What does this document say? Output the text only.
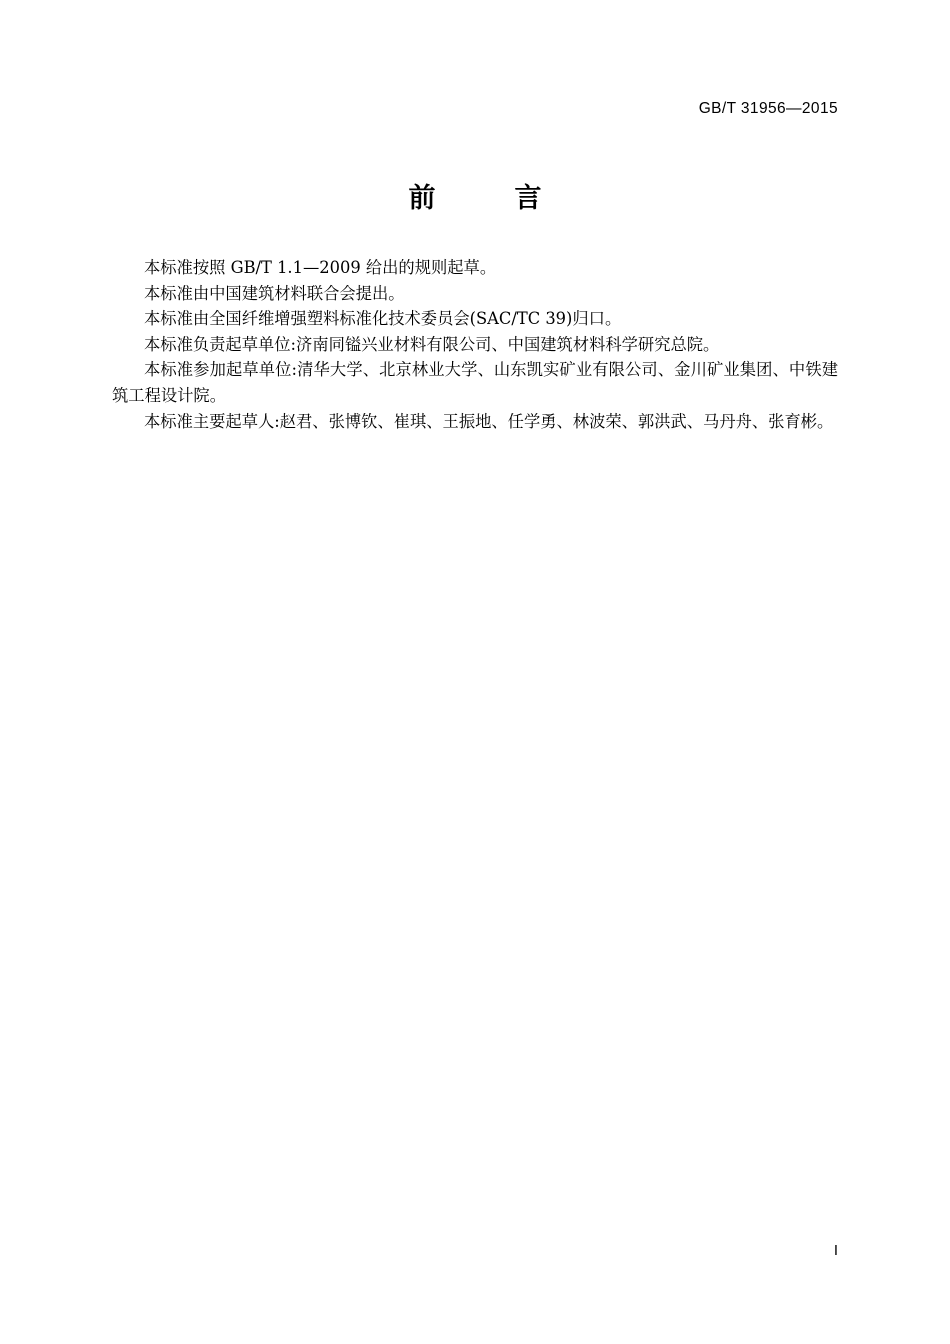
GB/T 31956—2015
前　言

本标准按照 GB/T 1.1—2009 给出的规则起草。

本标准由中国建筑材料联合会提出。

本标准由全国纤维增强塑料标准化技术委员会(SAC/TC 39)归口。

本标准负责起草单位:济南同镒兴业材料有限公司、中国建筑材料科学研究总院。

本标准参加起草单位:清华大学、北京林业大学、山东凯实矿业有限公司、金川矿业集团、中铁建筑工程设计院。

本标准主要起草人:赵君、张博钦、崔琪、王振地、任学勇、林波荣、郭洪武、马丹舟、张育彬。

Ⅰ
